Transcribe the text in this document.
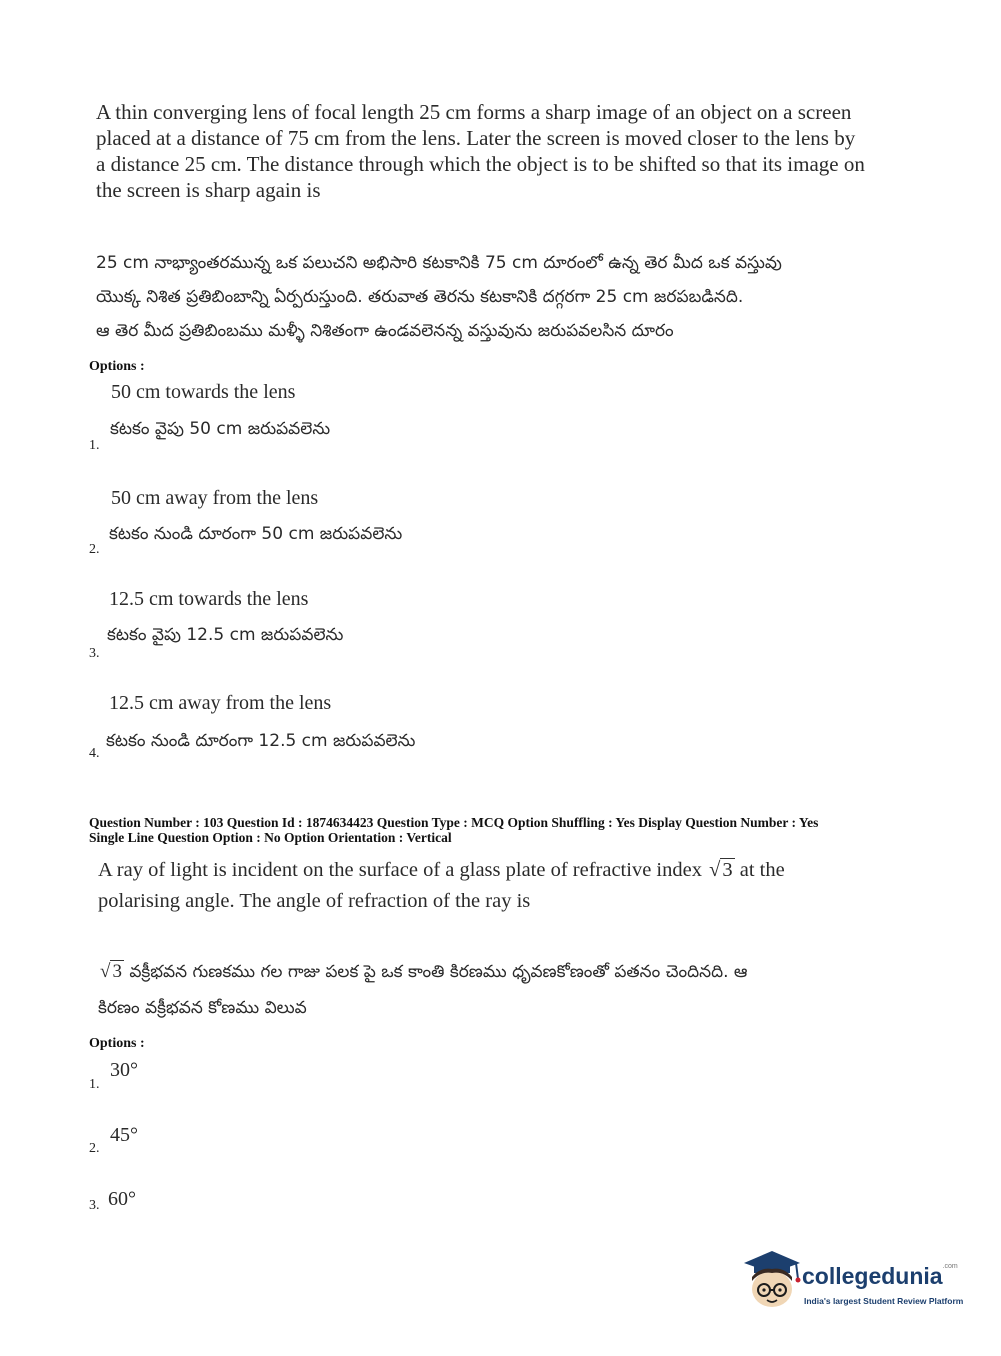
A thin converging lens of focal length 25 cm forms a sharp image of an object on a screen
placed at a distance of 75 cm from the lens. Later the screen is moved closer to the lens by
a distance 25 cm. The distance through which the object is to be shifted so that its image on
the screen is sharp again is
25 cm నాభ్యాంతరమున్న ఒక పలుచని అభిసారి కటకానికి 75 cm దూరంలో ఉన్న తెర మీద ఒక వస్తువు
యొక్క నిశిత ప్రతిబింబాన్ని ఏర్పరుస్తుంది. తరువాత తెరను కటకానికి దగ్గరగా 25 cm జరపబడినది.
ఆ తెర మీద ప్రతిబింబము మళ్ళీ నిశితంగా ఉండవలెనన్న వస్తువును జరుపవలసిన దూరం
Options :
50 cm towards the lens
కటకం వైపు 50 cm జరుపవలెను
1.
50 cm away from the lens
కటకం నుండి దూరంగా 50 cm జరుపవలెను
2.
12.5 cm towards the lens
కటకం వైపు 12.5 cm జరుపవలెను
3.
12.5 cm away from the lens
కటకం నుండి దూరంగా 12.5 cm జరుపవలెను
4.
Question Number : 103 Question Id : 1874634423 Question Type : MCQ Option Shuffling : Yes Display Question Number : Yes
Single Line Question Option : No Option Orientation : Vertical
A ray of light is incident on the surface of a glass plate of refractive index √3 at the
polarising angle. The angle of refraction of the ray is
√ 3 వక్రీభవన గుణకము గల గాజు పలక పై ఒక కాంతి కిరణము ధృవణకోణంతో పతనం చెందినది. ఆ
కిరణం వక్రీభవన కోణము విలువ
Options :
30°
1.
45°
2.
60°
3.
collegedunia$^{.com}$
India's largest Student Review Platform
